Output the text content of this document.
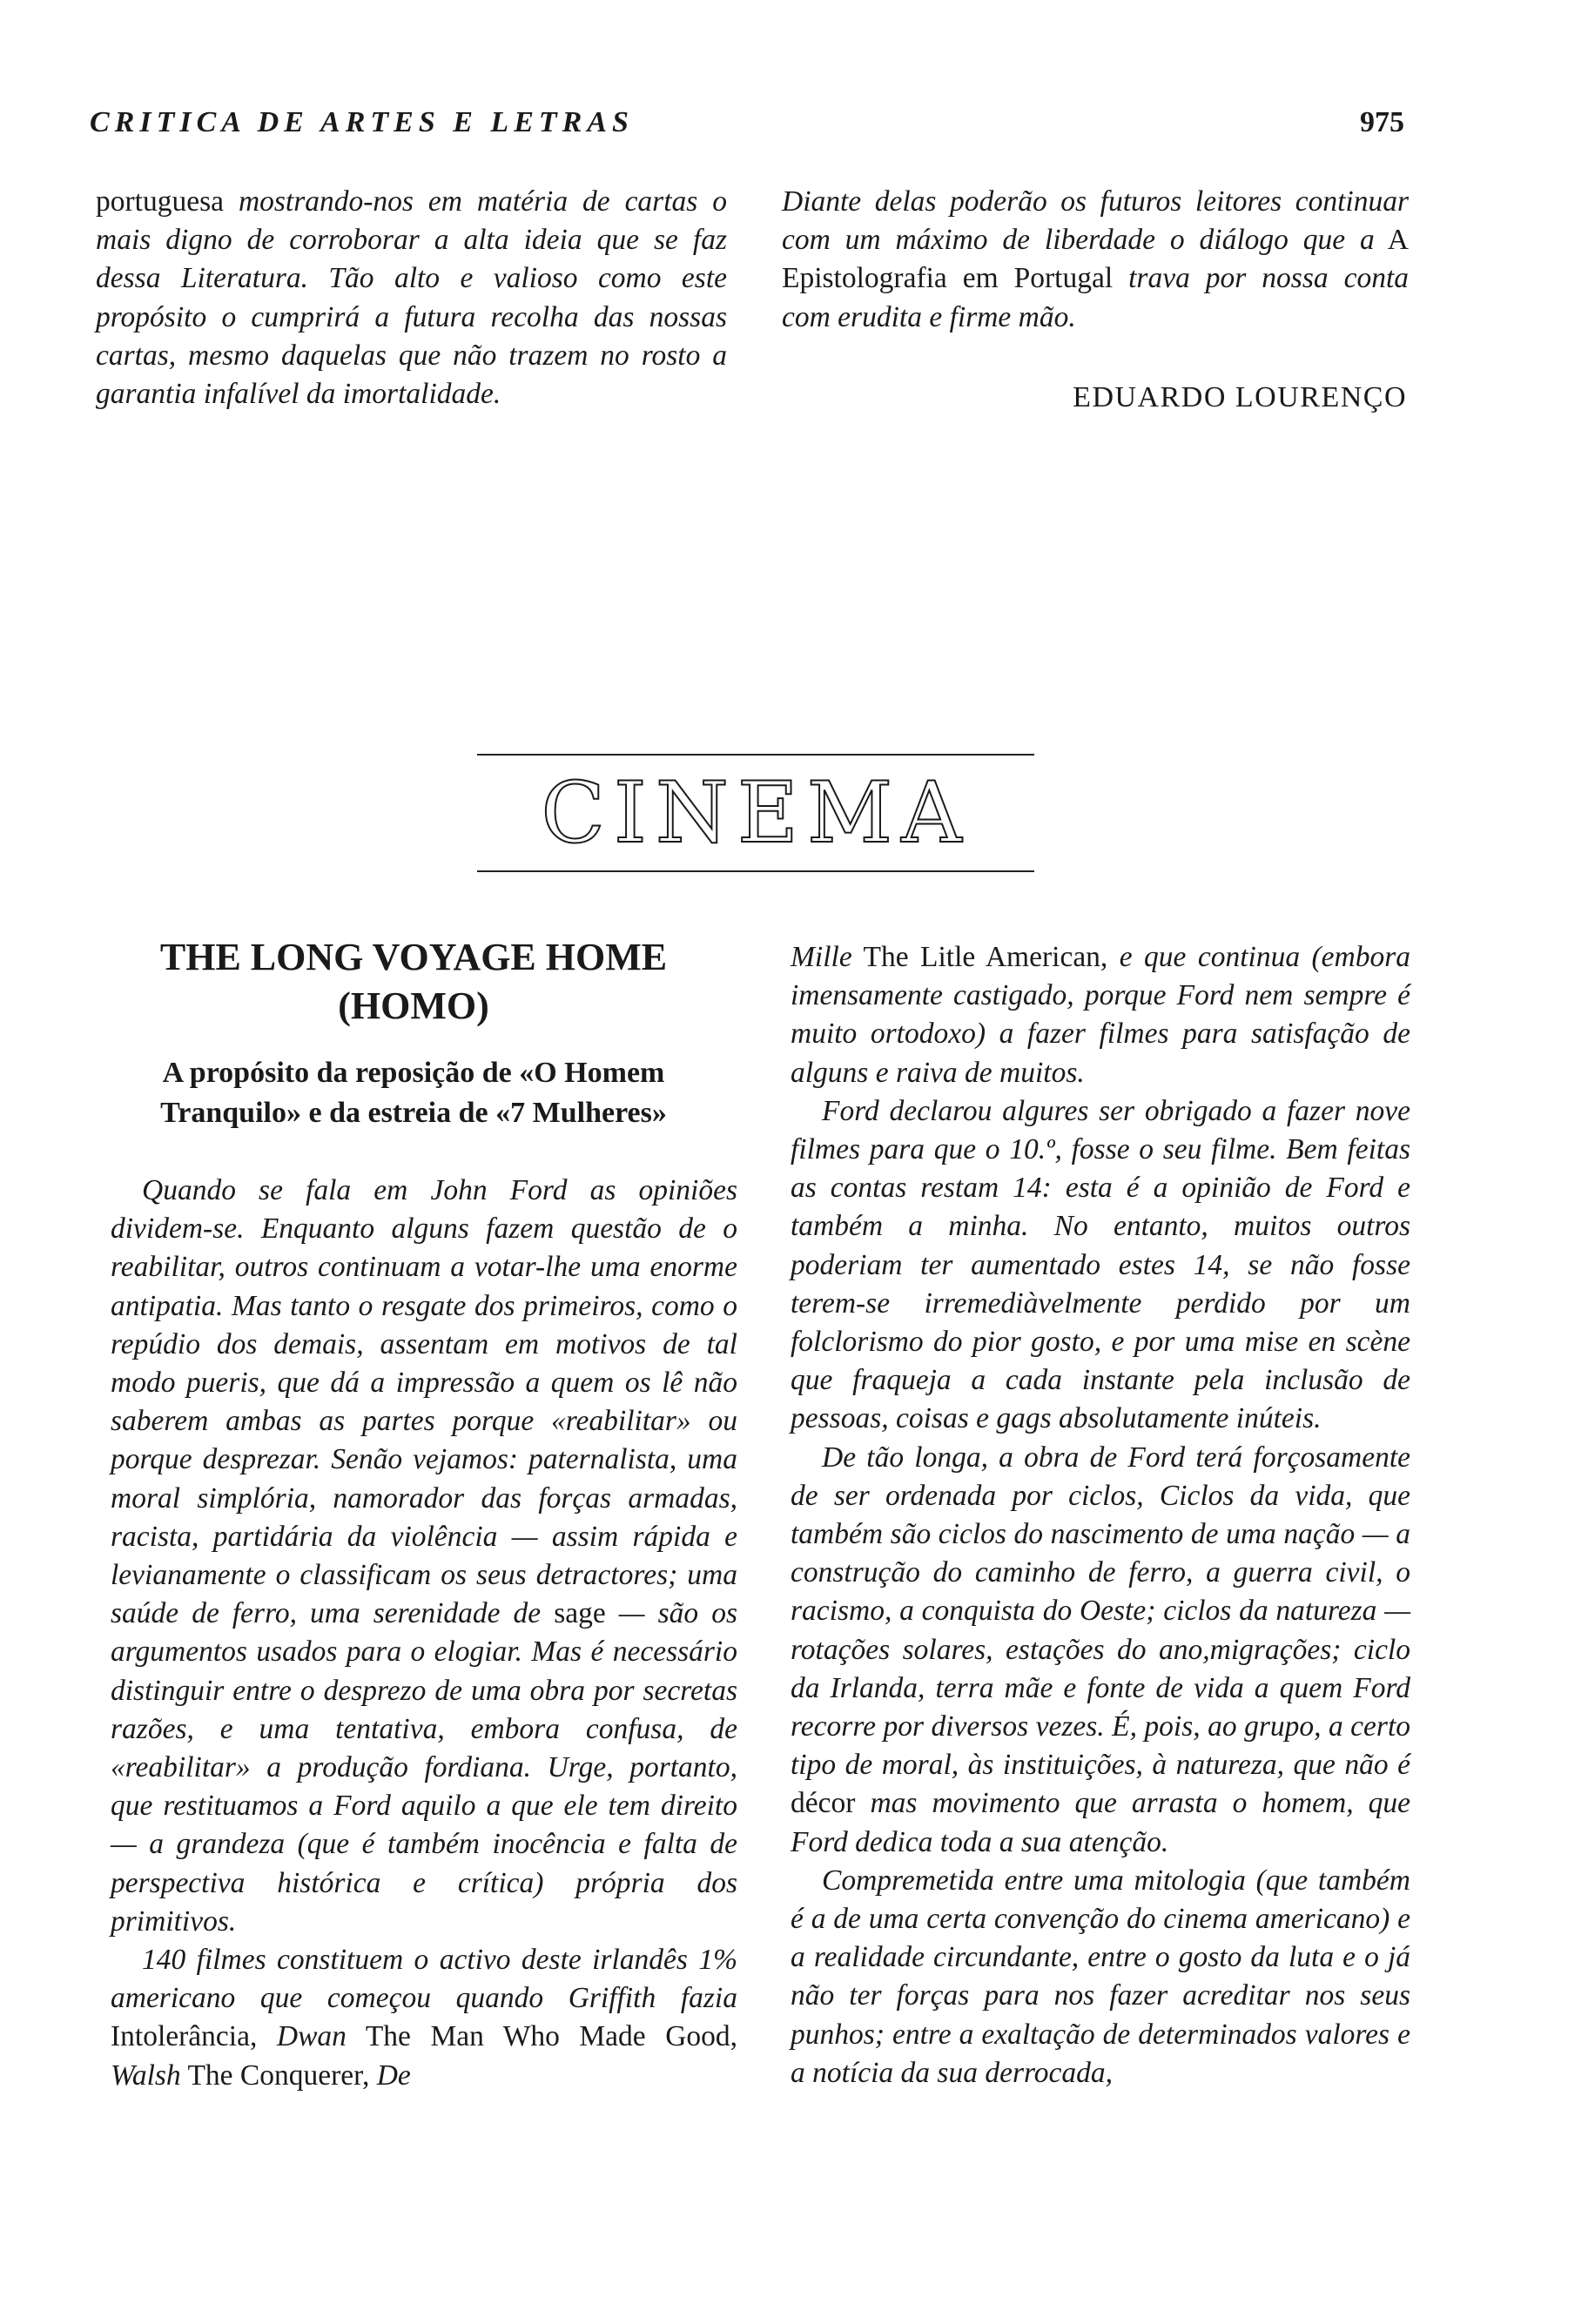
CRITICA DE ARTES E LETRAS	975

portuguesa mostrando-nos em matéria de cartas o mais digno de corroborar a alta ideia que se faz dessa Literatura. Tão alto e valioso como este propósito o cumprirá a futura recolha das nossas cartas, mesmo daquelas que não trazem no rosto a garantia infalível da imortalidade.

Diante delas poderão os futuros leitores continuar com um máximo de liberdade o diálogo que a A Epistolografia em Portugal trava por nossa conta com erudita e firme mão.

EDUARDO LOURENÇO
CINEMA
THE LONG VOYAGE HOME (HOMO)
A propósito da reposição de «O Homem Tranquilo» e da estreia de «7 Mulheres»

Quando se fala em John Ford as opiniões dividem-se. Enquanto alguns fazem questão de o reabilitar, outros continuam a votar-lhe uma enorme antipatia. Mas tanto o resgate dos primeiros, como o repúdio dos demais, assentam em motivos de tal modo pueris, que dá a impressão a quem os lê não saberem ambas as partes porque «reabilitar» ou porque desprezar. Senão vejamos: paternalista, uma moral simplória, namorador das forças armadas, racista, partidária da violência — assim rápida e levianamente o classificam os seus detractores; uma saúde de ferro, uma serenidade de sage — são os argumentos usados para o elogiar. Mas é necessário distinguir entre o desprezo de uma obra por secretas razões, e uma tentativa, embora confusa, de «reabilitar» a produção fordiana. Urge, portanto, que restituamos a Ford aquilo a que ele tem direito — a grandeza (que é também inocência e falta de perspectiva histórica e crítica) própria dos primitivos.

140 filmes constituem o activo deste irlandês 1% americano que começou quando Griffith fazia Intolerância, Dwan The Man Who Made Good, Walsh The Conquerer, De

Mille The Litle American, e que continua (embora imensamente castigado, porque Ford nem sempre é muito ortodoxo) a fazer filmes para satisfação de alguns e raiva de muitos.

Ford declarou algures ser obrigado a fazer nove filmes para que o 10.º, fosse o seu filme. Bem feitas as contas restam 14: esta é a opinião de Ford e também a minha. No entanto, muitos outros poderiam ter aumentado estes 14, se não fosse terem-se irremediàvelmente perdido por um folclorismo do pior gosto, e por uma mise en scène que fraqueja a cada instante pela inclusão de pessoas, coisas e gags absolutamente inúteis.

De tão longa, a obra de Ford terá forçosamente de ser ordenada por ciclos, Ciclos da vida, que também são ciclos do nascimento de uma nação — a construção do caminho de ferro, a guerra civil, o racismo, a conquista do Oeste; ciclos da natureza — rotações solares, estações do ano,migrações; ciclo da Irlanda, terra mãe e fonte de vida a quem Ford recorre por diversos vezes. É, pois, ao grupo, a certo tipo de moral, às instituições, à natureza, que não é décor mas movimento que arrasta o homem, que Ford dedica toda a sua atenção.

Compremetida entre uma mitologia (que também é a de uma certa convenção do cinema americano) e a realidade circundante, entre o gosto da luta e o já não ter forças para nos fazer acreditar nos seus punhos; entre a exaltação de determinados valores e a notícia da sua derrocada,
